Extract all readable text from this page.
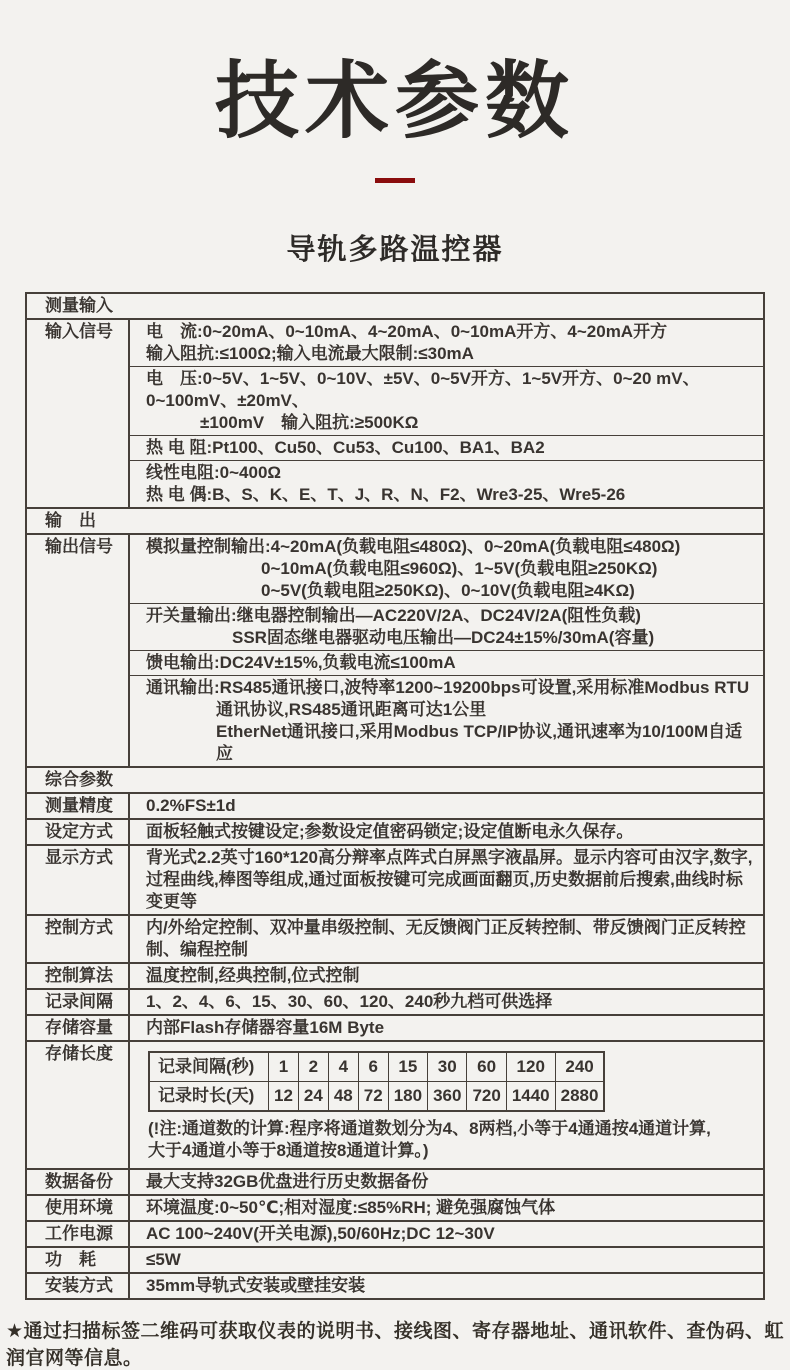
技术参数
导轨多路温控器
测量输入
输入信号	电　流:0~20mA、0~10mA、4~20mA、0~10mA开方、4~20mA开方
输入阻抗:≤100Ω;输入电流最大限制:≤30mA
电　压:0~5V、1~5V、0~10V、±5V、0~5V开方、1~5V开方、0~20 mV、0~100mV、±20mV、
±100mV　输入阻抗:≥500KΩ
热 电 阻:Pt100、Cu50、Cu53、Cu100、BA1、BA2
线性电阻:0~400Ω
热 电 偶:B、S、K、E、T、J、R、N、F2、Wre3-25、Wre5-26
输　出
输出信号	模拟量控制输出:4~20mA(负载电阻≤480Ω)、0~20mA(负载电阻≤480Ω)
0~10mA(负载电阻≤960Ω)、1~5V(负载电阻≥250KΩ)
0~5V(负载电阻≥250KΩ)、0~10V(负载电阻≥4KΩ)
开关量输出:继电器控制输出—AC220V/2A、DC24V/2A(阻性负载)
SSR固态继电器驱动电压输出—DC24±15%/30mA(容量)
馈电输出:DC24V±15%,负载电流≤100mA
通讯输出:RS485通讯接口,波特率1200~19200bps可设置,采用标准Modbus RTU
通讯协议,RS485通讯距离可达1公里
EtherNet通讯接口,采用Modbus TCP/IP协议,通讯速率为10/100M自适应
综合参数
测量精度	0.2%FS±1d
设定方式	面板轻触式按键设定;参数设定值密码锁定;设定值断电永久保存。
显示方式	背光式2.2英寸160*120高分辩率点阵式白屏黑字液晶屏。显示内容可由汉字,数字,过程曲线,棒图等组成,通过面板按键可完成画面翻页,历史数据前后搜索,曲线时标变更等
控制方式	内/外给定控制、双冲量串级控制、无反馈阀门正反转控制、带反馈阀门正反转控制、编程控制
控制算法	温度控制,经典控制,位式控制
记录间隔	1、2、4、6、15、30、60、120、240秒九档可供选择
存储容量	内部Flash存储器容量16M Byte
存储长度
记录间隔(秒)	1	2	4	6	15	30	60	120	240
记录时长(天)	12	24	48	72	180	360	720	1440	2880
(!注:通道数的计算:程序将通道数划分为4、8两档,小等于4通通按4通道计算,
大于4通道小等于8通道按8通道计算。)
数据备份	最大支持32GB优盘进行历史数据备份
使用环境	环境温度:0~50℃;相对湿度:≤85%RH; 避免强腐蚀气体
工作电源	AC 100~240V(开关电源),50/60Hz;DC 12~30V
功　耗	≤5W
安装方式	35mm导轨式安装或壁挂安装

★通过扫描标签二维码可获取仪表的说明书、接线图、寄存器地址、通讯软件、查伪码、虹润官网等信息。
